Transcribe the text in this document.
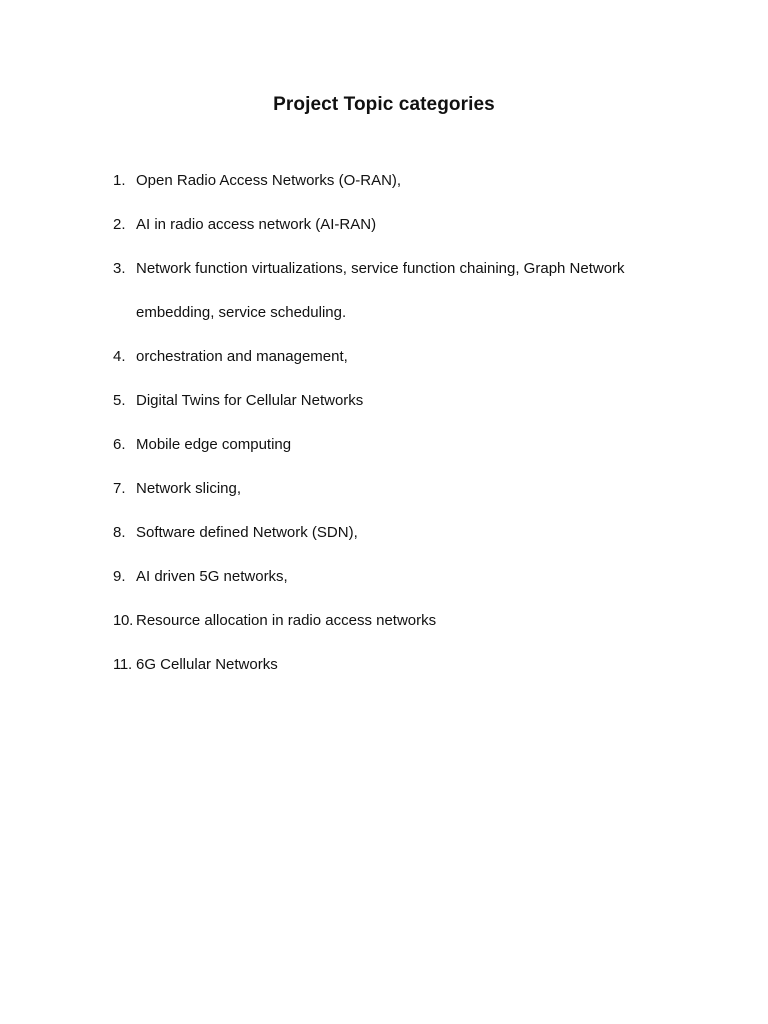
Project Topic categories
1. Open Radio Access Networks (O-RAN),
2. AI in radio access network (AI-RAN)
3. Network function virtualizations, service function chaining, Graph Network
embedding, service scheduling.
4. orchestration and management,
5. Digital Twins for Cellular Networks
6. Mobile edge computing
7. Network slicing,
8. Software defined Network (SDN),
9. AI driven 5G networks,
10. Resource allocation in radio access networks
11. 6G Cellular Networks
